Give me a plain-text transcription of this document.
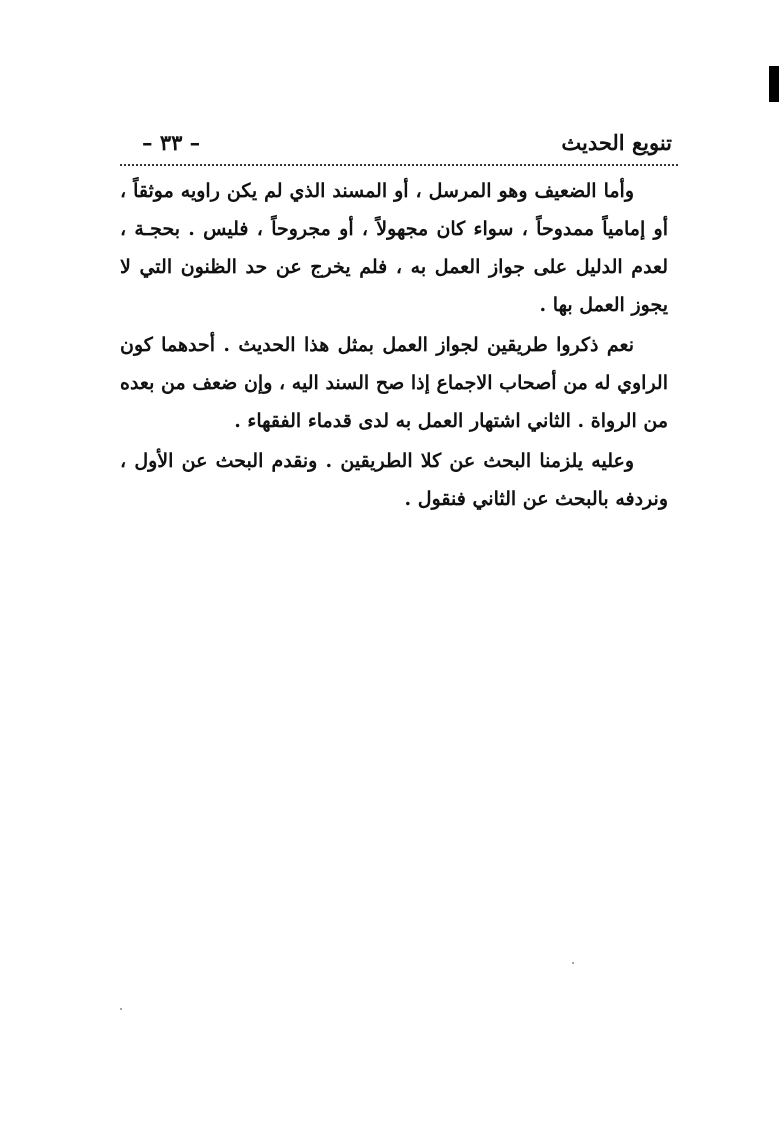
تنويع الحديث
– ٣٣ –

وأما الضعيف وهو المرسل ، أو المسند الذي لم يكن راويه موثقاً ، أو إمامياً ممدوحاً ، سواء كان مجهولاً ، أو مجروحاً ، فليس . بحجـة ، لعدم الدليل على جواز العمل به ، فلم يخرج عن حد الظنون التي لا يجوز العمل بها .

نعم ذكروا طريقين لجواز العمل بمثل هذا الحديث . أحدهما كون الراوي له من أصحاب الاجماع إذا صح السند اليه ، وإن ضعف من بعده من الرواة . الثاني اشتهار العمل به لدى قدماء الفقهاء .

وعليه يلزمنا البحث عن كلا الطريقين . ونقدم البحث عن الأول ، ونردفه بالبحث عن الثاني فنقول .
